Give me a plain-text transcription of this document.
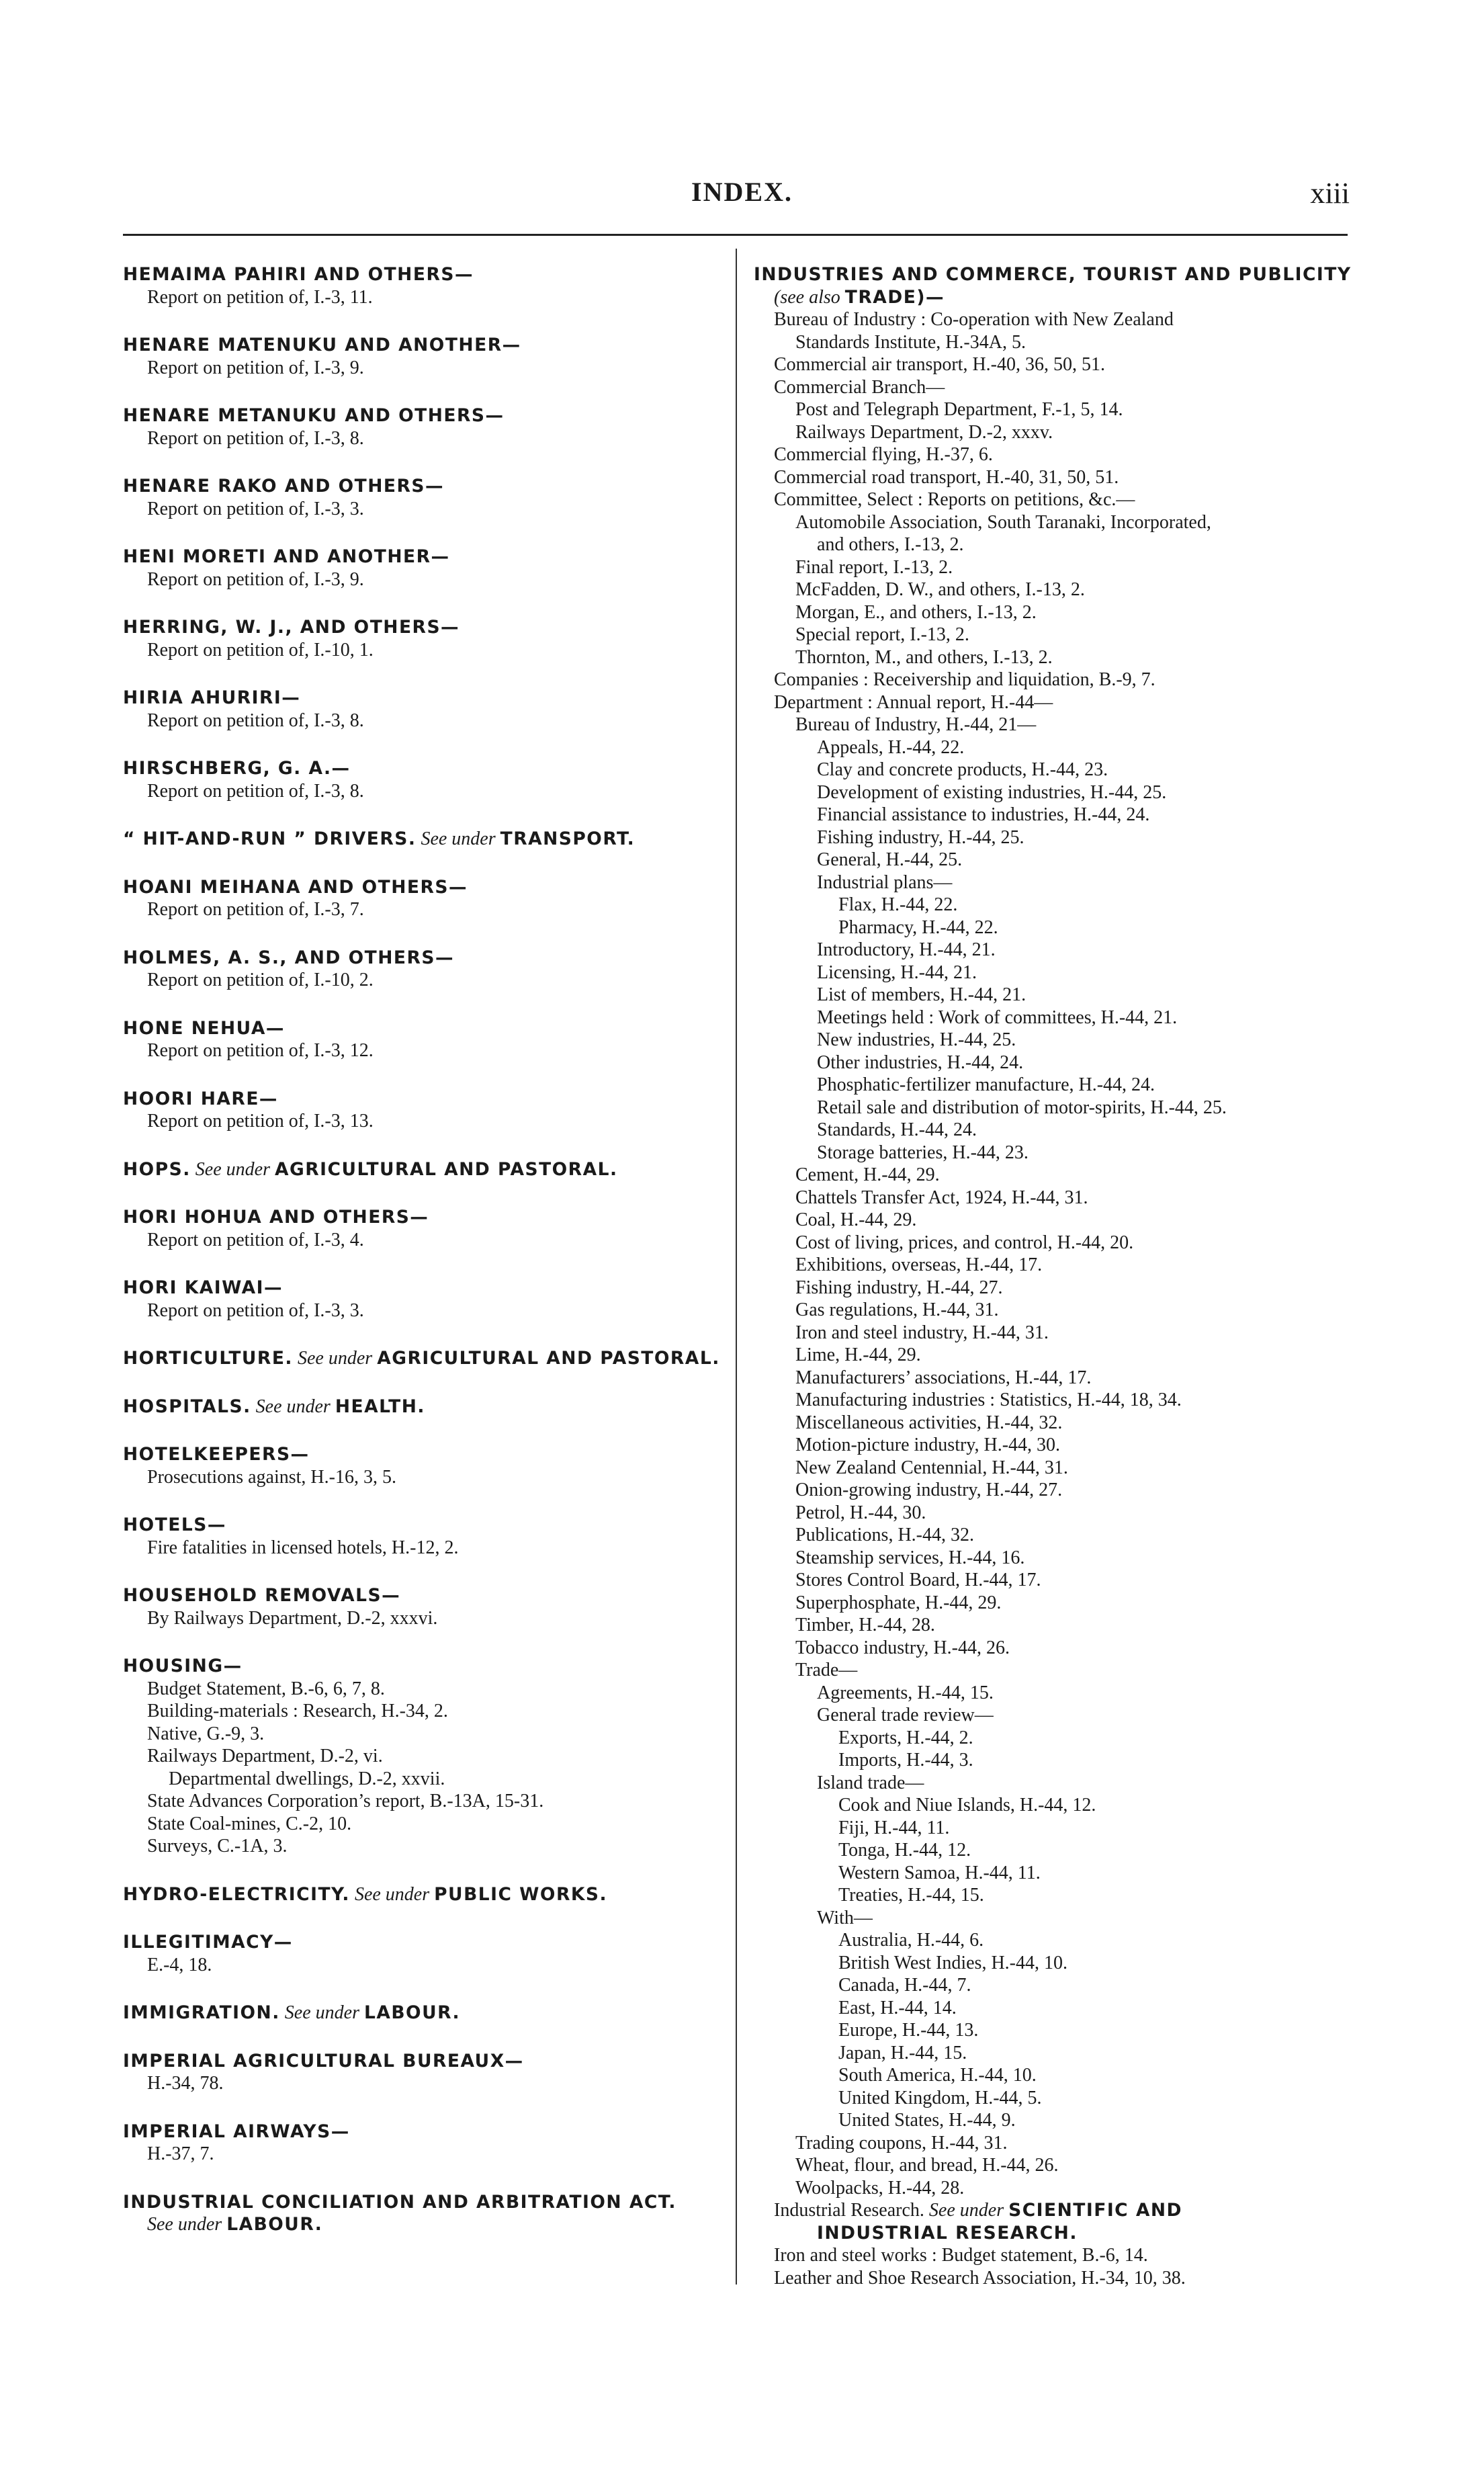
INDEX.	xiii
HEMAIMA PAHIRI AND OTHERS—
Report on petition of, I.-3, 11.
HENARE MATENUKU AND ANOTHER—
Report on petition of, I.-3, 9.
HENARE METANUKU AND OTHERS—
Report on petition of, I.-3, 8.
HENARE RAKO AND OTHERS—
Report on petition of, I.-3, 3.
HENI MORETI AND ANOTHER—
Report on petition of, I.-3, 9.
HERRING, W. J., AND OTHERS—
Report on petition of, I.-10, 1.
HIRIA AHURIRI—
Report on petition of, I.-3, 8.
HIRSCHBERG, G. A.—
Report on petition of, I.-3, 8.
“ HIT-AND-RUN ” DRIVERS. See under TRANSPORT.
HOANI MEIHANA AND OTHERS—
Report on petition of, I.-3, 7.
HOLMES, A. S., AND OTHERS—
Report on petition of, I.-10, 2.
HONE NEHUA—
Report on petition of, I.-3, 12.
HOORI HARE—
Report on petition of, I.-3, 13.
HOPS. See under AGRICULTURAL AND PASTORAL.
HORI HOHUA AND OTHERS—
Report on petition of, I.-3, 4.
HORI KAIWAI—
Report on petition of, I.-3, 3.
HORTICULTURE. See under AGRICULTURAL AND PASTORAL.
HOSPITALS. See under HEALTH.
HOTELKEEPERS—
Prosecutions against, H.-16, 3, 5.
HOTELS—
Fire fatalities in licensed hotels, H.-12, 2.
HOUSEHOLD REMOVALS—
By Railways Department, D.-2, xxxvi.
HOUSING—
Budget Statement, B.-6, 6, 7, 8.
Building-materials : Research, H.-34, 2.
Native, G.-9, 3.
Railways Department, D.-2, vi.
Departmental dwellings, D.-2, xxvii.
State Advances Corporation’s report, B.-13A, 15-31.
State Coal-mines, C.-2, 10.
Surveys, C.-1A, 3.
HYDRO-ELECTRICITY. See under PUBLIC WORKS.
ILLEGITIMACY—
E.-4, 18.
IMMIGRATION. See under LABOUR.
IMPERIAL AGRICULTURAL BUREAUX—
H.-34, 78.
IMPERIAL AIRWAYS—
H.-37, 7.
INDUSTRIAL CONCILIATION AND ARBITRATION ACT.
See under LABOUR.
INDUSTRIES AND COMMERCE, TOURIST AND PUBLICITY
(see also TRADE)—
Bureau of Industry : Co-operation with New Zealand
Standards Institute, H.-34A, 5.
Commercial air transport, H.-40, 36, 50, 51.
Commercial Branch—
Post and Telegraph Department, F.-1, 5, 14.
Railways Department, D.-2, xxxv.
Commercial flying, H.-37, 6.
Commercial road transport, H.-40, 31, 50, 51.
Committee, Select : Reports on petitions, &c.—
Automobile Association, South Taranaki, Incorporated,
and others, I.-13, 2.
Final report, I.-13, 2.
McFadden, D. W., and others, I.-13, 2.
Morgan, E., and others, I.-13, 2.
Special report, I.-13, 2.
Thornton, M., and others, I.-13, 2.
Companies : Receivership and liquidation, B.-9, 7.
Department : Annual report, H.-44—
Bureau of Industry, H.-44, 21—
Appeals, H.-44, 22.
Clay and concrete products, H.-44, 23.
Development of existing industries, H.-44, 25.
Financial assistance to industries, H.-44, 24.
Fishing industry, H.-44, 25.
General, H.-44, 25.
Industrial plans—
Flax, H.-44, 22.
Pharmacy, H.-44, 22.
Introductory, H.-44, 21.
Licensing, H.-44, 21.
List of members, H.-44, 21.
Meetings held : Work of committees, H.-44, 21.
New industries, H.-44, 25.
Other industries, H.-44, 24.
Phosphatic-fertilizer manufacture, H.-44, 24.
Retail sale and distribution of motor-spirits, H.-44, 25.
Standards, H.-44, 24.
Storage batteries, H.-44, 23.
Cement, H.-44, 29.
Chattels Transfer Act, 1924, H.-44, 31.
Coal, H.-44, 29.
Cost of living, prices, and control, H.-44, 20.
Exhibitions, overseas, H.-44, 17.
Fishing industry, H.-44, 27.
Gas regulations, H.-44, 31.
Iron and steel industry, H.-44, 31.
Lime, H.-44, 29.
Manufacturers’ associations, H.-44, 17.
Manufacturing industries : Statistics, H.-44, 18, 34.
Miscellaneous activities, H.-44, 32.
Motion-picture industry, H.-44, 30.
New Zealand Centennial, H.-44, 31.
Onion-growing industry, H.-44, 27.
Petrol, H.-44, 30.
Publications, H.-44, 32.
Steamship services, H.-44, 16.
Stores Control Board, H.-44, 17.
Superphosphate, H.-44, 29.
Timber, H.-44, 28.
Tobacco industry, H.-44, 26.
Trade—
Agreements, H.-44, 15.
General trade review—
Exports, H.-44, 2.
Imports, H.-44, 3.
Island trade—
Cook and Niue Islands, H.-44, 12.
Fiji, H.-44, 11.
Tonga, H.-44, 12.
Western Samoa, H.-44, 11.
Treaties, H.-44, 15.
With—
Australia, H.-44, 6.
British West Indies, H.-44, 10.
Canada, H.-44, 7.
East, H.-44, 14.
Europe, H.-44, 13.
Japan, H.-44, 15.
South America, H.-44, 10.
United Kingdom, H.-44, 5.
United States, H.-44, 9.
Trading coupons, H.-44, 31.
Wheat, flour, and bread, H.-44, 26.
Woolpacks, H.-44, 28.
Industrial Research. See under SCIENTIFIC AND
INDUSTRIAL RESEARCH.
Iron and steel works : Budget statement, B.-6, 14.
Leather and Shoe Research Association, H.-34, 10, 38.
